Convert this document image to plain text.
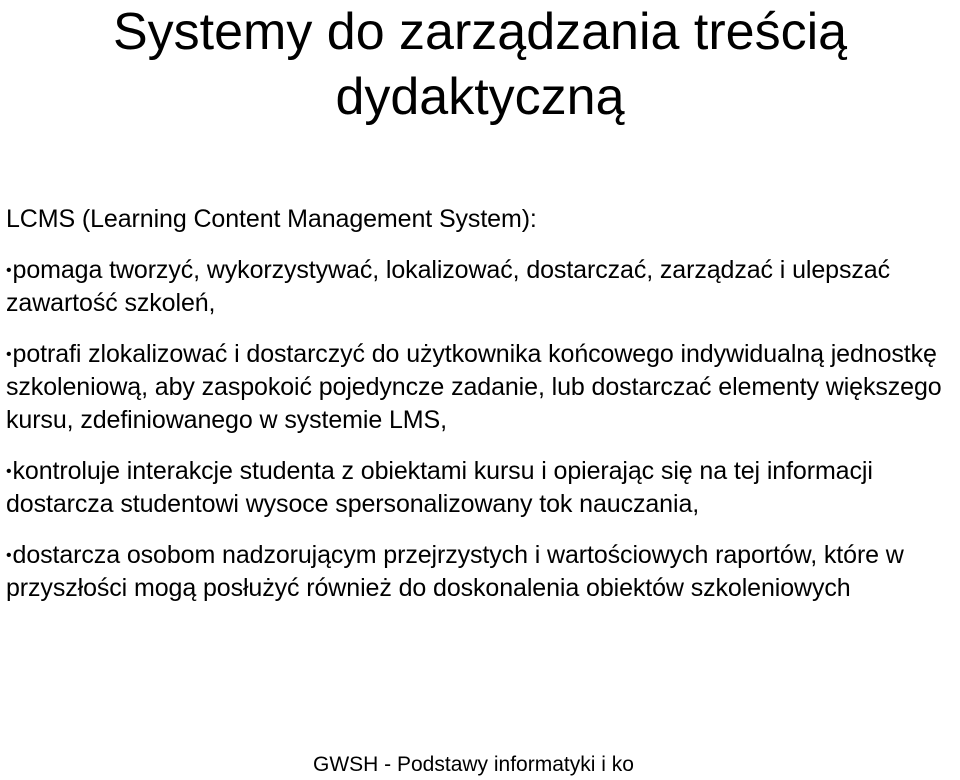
Systemy do zarządzania treścią dydaktyczną

LCMS (Learning Content Management System):

•pomaga tworzyć, wykorzystywać, lokalizować, dostarczać, zarządzać i ulepszać zawartość szkoleń,
•potrafi zlokalizować i dostarczyć do użytkownika końcowego indywidualną jednostkę szkoleniową, aby zaspokoić pojedyncze zadanie, lub dostarczać elementy większego kursu, zdefiniowanego w systemie LMS,
•kontroluje interakcje studenta z obiektami kursu i opierając się na tej informacji dostarcza studentowi wysoce spersonalizowany tok nauczania,
•dostarcza osobom nadzorującym przejrzystych i wartościowych raportów, które w przyszłości mogą posłużyć również do doskonalenia obiektów szkoleniowych
GWSH - Podstawy informatyki i ko
